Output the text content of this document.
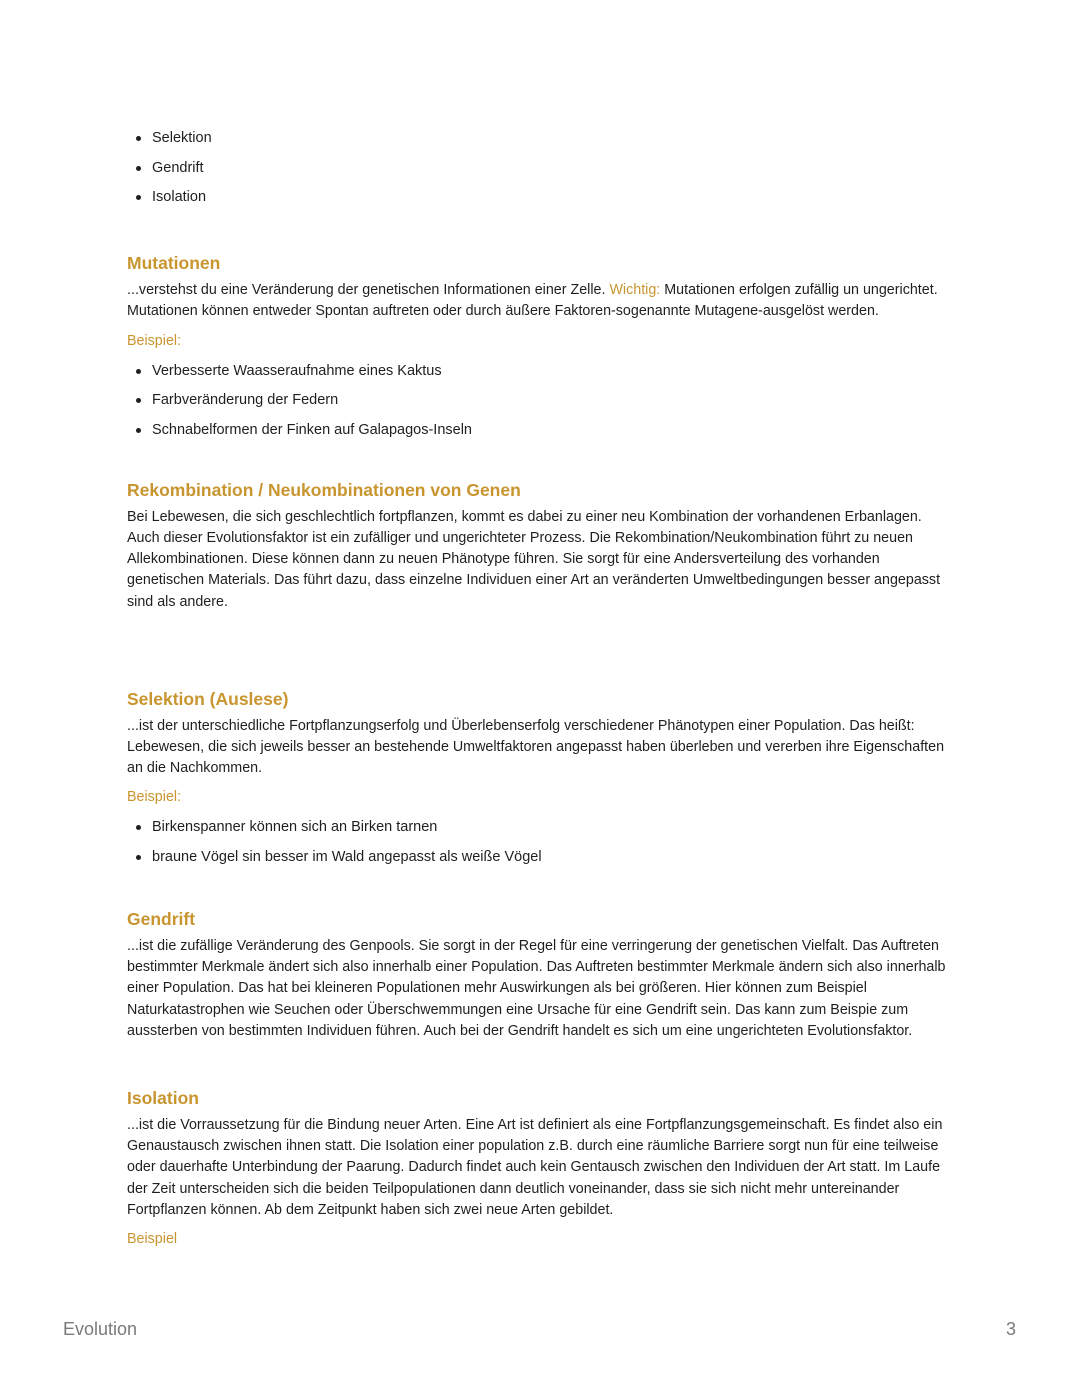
Selektion
Gendrift
Isolation
Mutationen

...verstehst du eine Veränderung der genetischen Informationen einer Zelle. Wichtig: Mutationen erfolgen zufällig un ungerichtet. Mutationen können entweder Spontan auftreten oder durch äußere Faktoren-sogenannte Mutagene-ausgelöst werden.

Beispiel:
Verbesserte Waasseraufnahme eines Kaktus
Farbveränderung der Federn
Schnabelformen der Finken auf Galapagos-Inseln
Rekombination / Neukombinationen von Genen

Bei Lebewesen, die sich geschlechtlich fortpflanzen, kommt es dabei zu einer neu Kombination der vorhandenen Erbanlagen. Auch dieser Evolutionsfaktor ist ein zufälliger und ungerichteter Prozess. Die Rekombination/Neukombination führt zu neuen Allekombinationen. Diese können dann zu neuen Phänotype führen. Sie sorgt für eine Andersverteilung des vorhanden genetischen Materials. Das führt dazu, dass einzelne Individuen einer Art an veränderten Umweltbedingungen besser angepasst sind als andere.

Selektion (Auslese)

...ist der unterschiedliche Fortpflanzungserfolg und Überlebenserfolg verschiedener Phänotypen einer Population. Das heißt: Lebewesen, die sich jeweils besser an bestehende Umweltfaktoren angepasst haben überleben und vererben ihre Eigenschaften an die Nachkommen.

Beispiel:
Birkenspanner können sich an Birken tarnen
braune Vögel sin besser im Wald angepasst als weiße Vögel
Gendrift

...ist die zufällige Veränderung des Genpools. Sie sorgt in der Regel für eine verringerung der genetischen Vielfalt. Das Auftreten bestimmter Merkmale ändert sich also innerhalb einer Population. Das Auftreten bestimmter Merkmale ändern sich also innerhalb einer Population. Das hat bei kleineren Populationen mehr Auswirkungen als bei größeren. Hier können zum Beispiel Naturkatastrophen wie Seuchen oder Überschwemmungen eine Ursache für eine Gendrift sein. Das kann zum Beispie zum aussterben von bestimmten Individuen führen. Auch bei der Gendrift handelt es sich um eine ungerichteten Evolutionsfaktor.

Isolation

...ist die Vorraussetzung für die Bindung neuer Arten. Eine Art ist definiert als eine Fortpflanzungsgemeinschaft. Es findet also ein Genaustausch zwischen ihnen statt. Die Isolation einer population z.B. durch eine räumliche Barriere sorgt nun für eine teilweise oder dauerhafte Unterbindung der Paarung. Dadurch findet auch kein Gentausch zwischen den Individuen der Art statt. Im Laufe der Zeit unterscheiden sich die beiden Teilpopulationen dann deutlich voneinander, dass sie sich nicht mehr untereinander Fortpflanzen können. Ab dem Zeitpunkt haben sich zwei neue Arten gebildet.

Beispiel
Evolution	3
